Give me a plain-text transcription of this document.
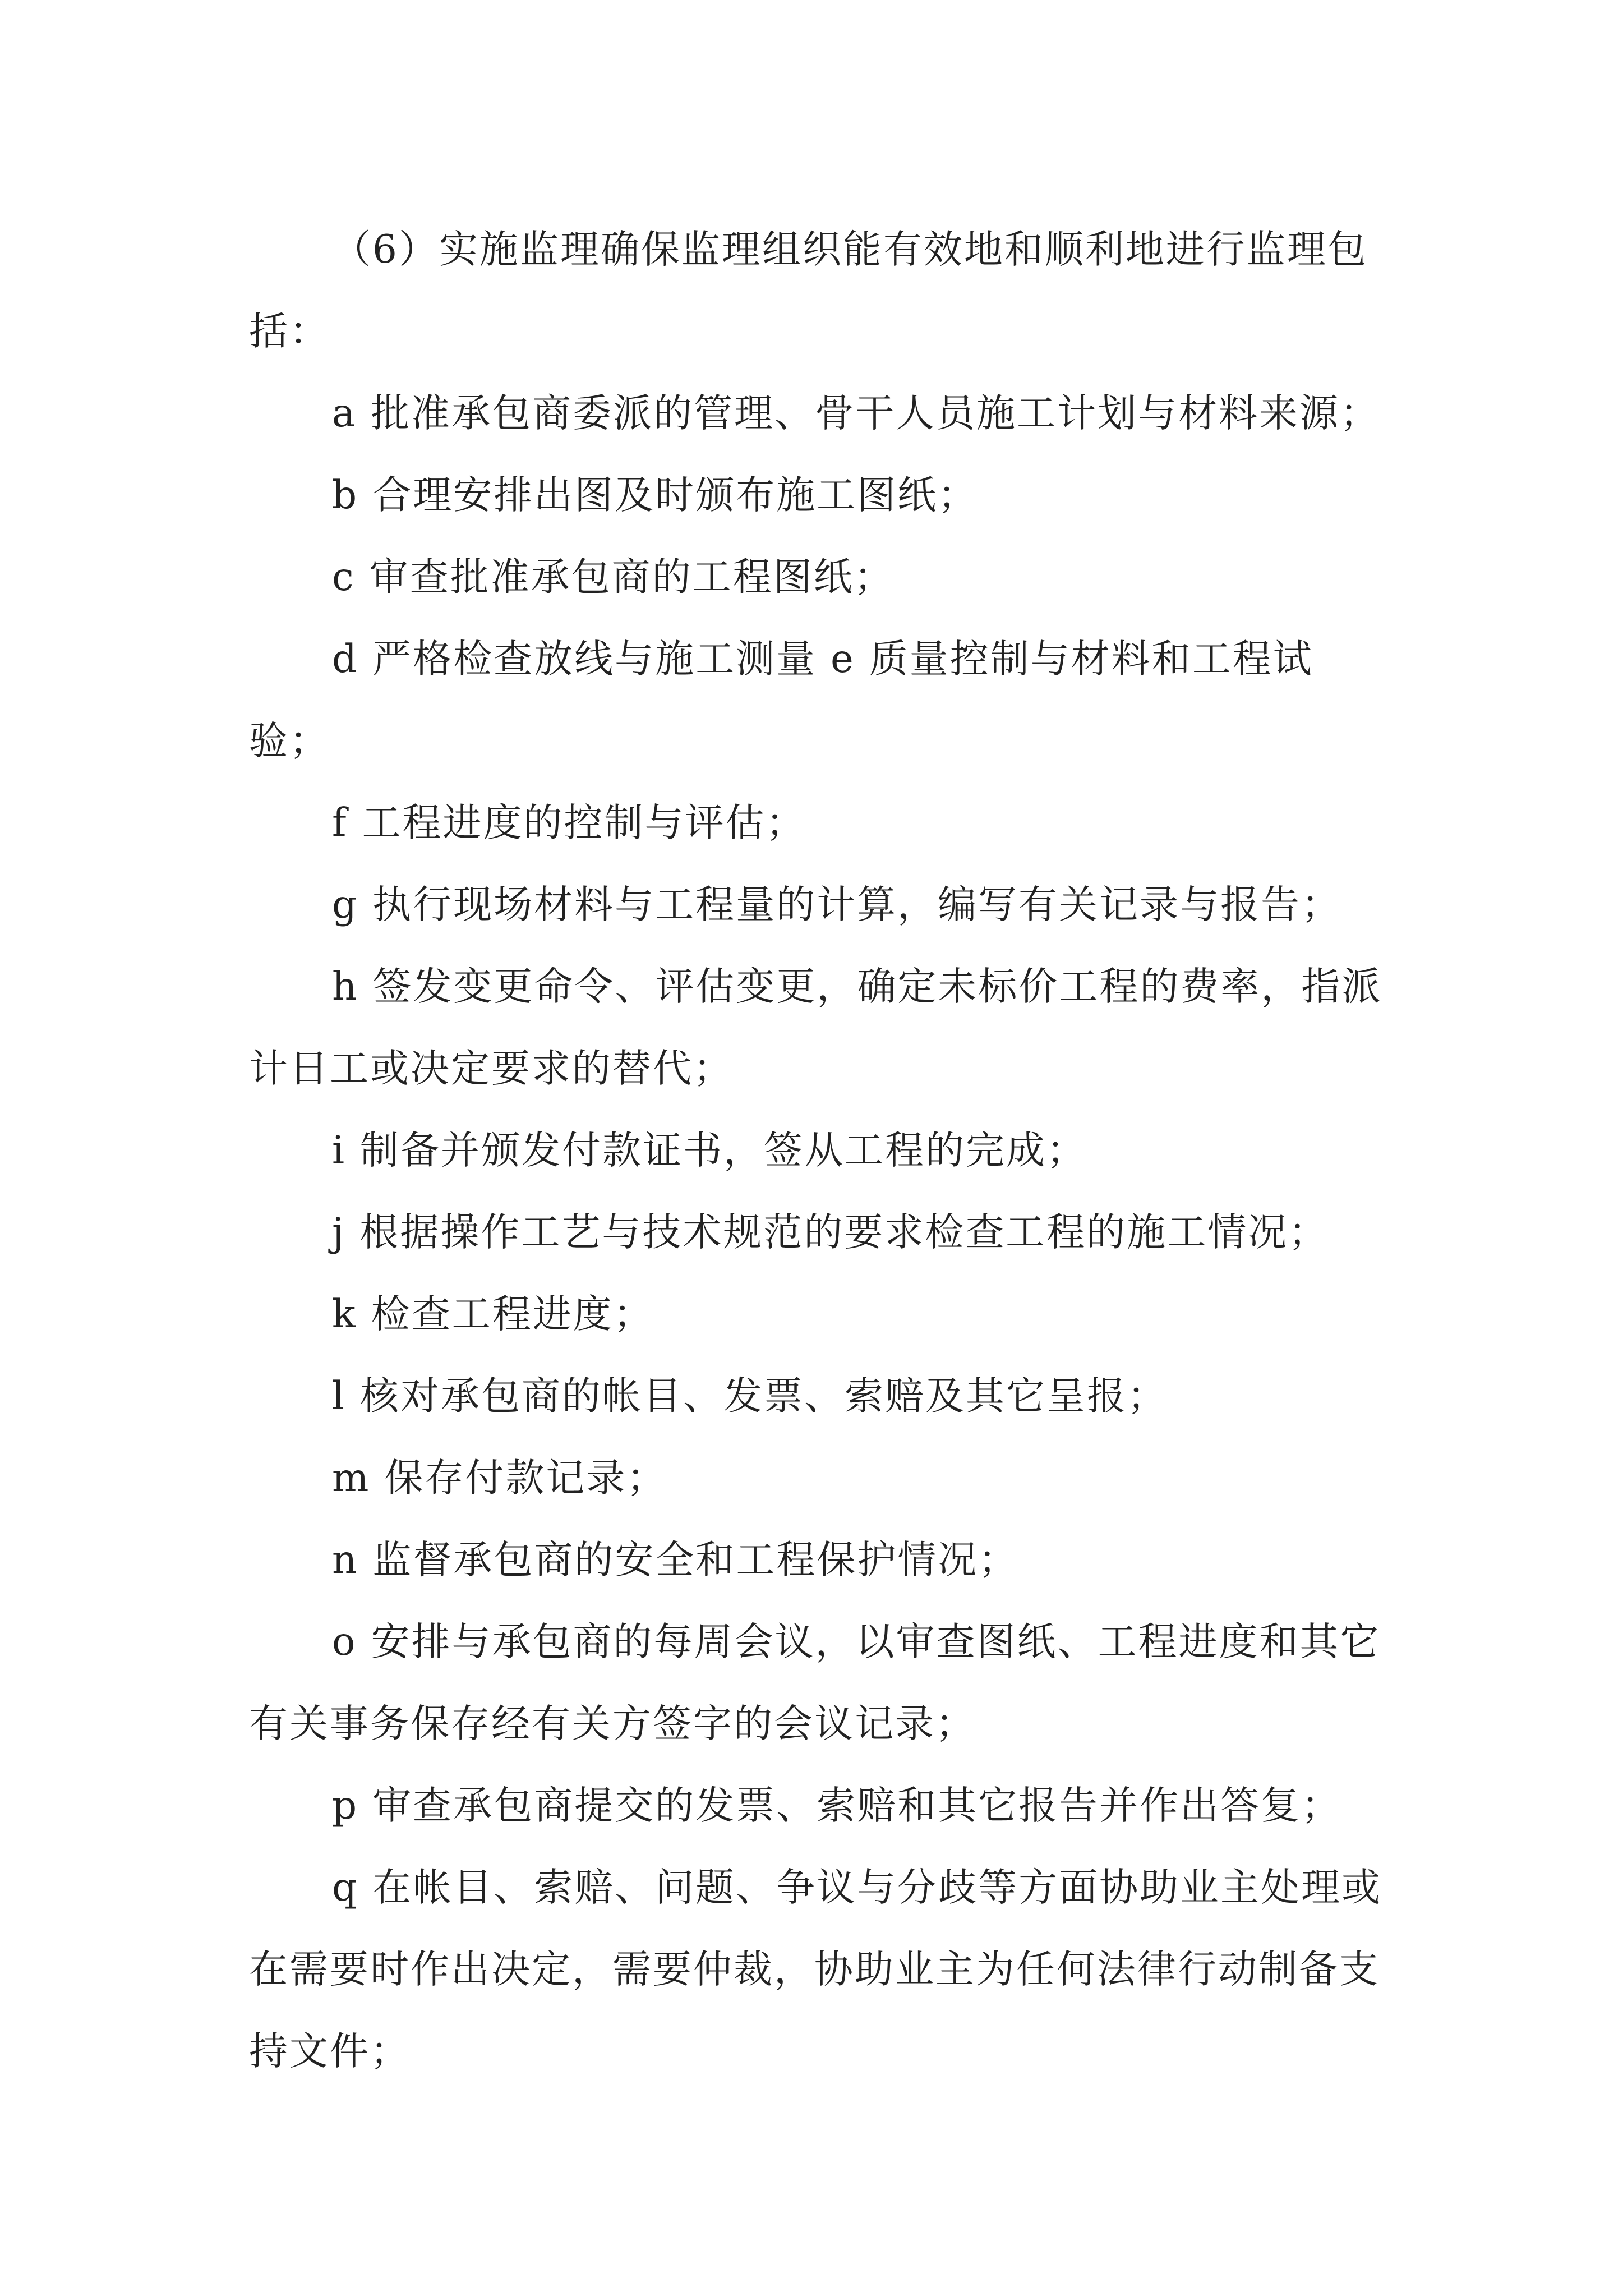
（6）实施监理确保监理组织能有效地和顺利地进行监理包括：

a 批准承包商委派的管理、骨干人员施工计划与材料来源；

b 合理安排出图及时颁布施工图纸；

c 审查批准承包商的工程图纸；

d 严格检查放线与施工测量 e 质量控制与材料和工程试验；

f 工程进度的控制与评估；

g 执行现场材料与工程量的计算，编写有关记录与报告；

h 签发变更命令、评估变更，确定未标价工程的费率，指派计日工或决定要求的替代；

i 制备并颁发付款证书，签从工程的完成；

j 根据操作工艺与技术规范的要求检查工程的施工情况；

k 检查工程进度；

l 核对承包商的帐目、发票、索赔及其它呈报；

m 保存付款记录；

n 监督承包商的安全和工程保护情况；

o 安排与承包商的每周会议，以审查图纸、工程进度和其它有关事务保存经有关方签字的会议记录；

p 审查承包商提交的发票、索赔和其它报告并作出答复；

q 在帐目、索赔、问题、争议与分歧等方面协助业主处理或在需要时作出决定，需要仲裁，协助业主为任何法律行动制备支持文件；
